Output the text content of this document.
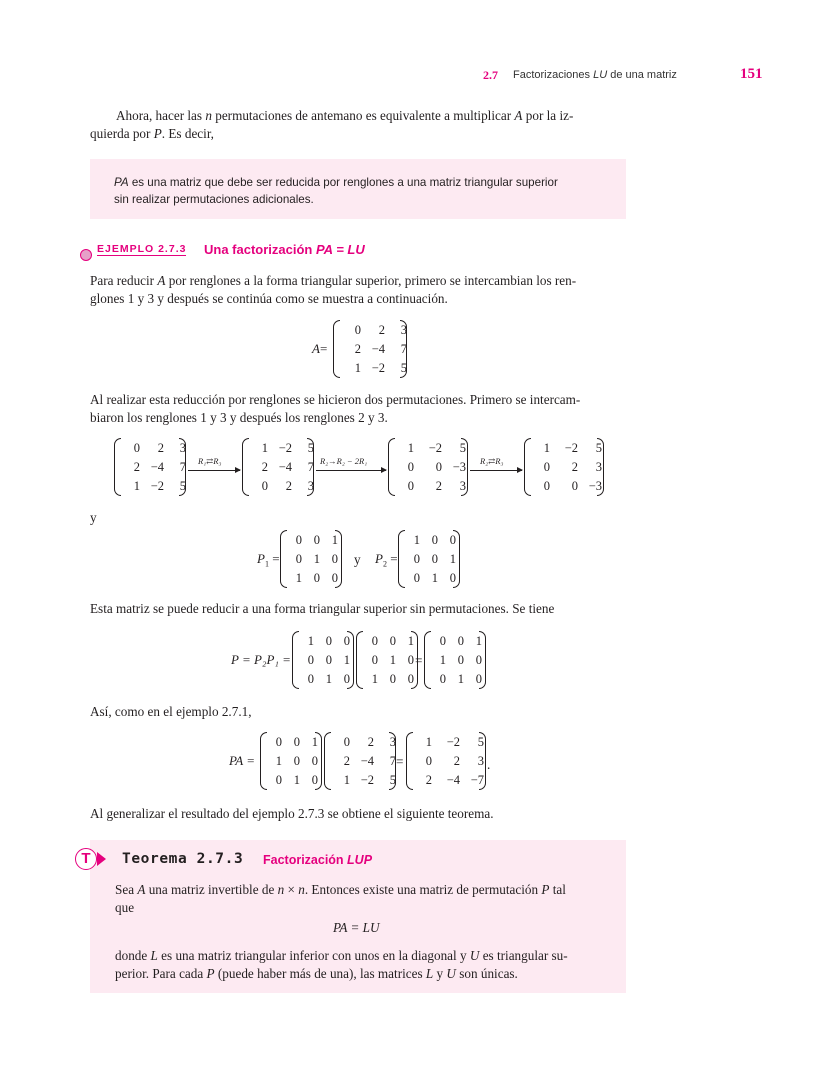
2.7 Factorizaciones LU de una matriz	151
Ahora, hacer las n permutaciones de antemano es equivalente a multiplicar A por la iz-
quierda por P. Es decir,
PA es una matriz que debe ser reducida por renglones a una matriz triangular superior
sin realizar permutaciones adicionales.
EJEMPLO 2.7.3 Una factorización PA = LU
Para reducir A por renglones a la forma triangular superior, primero se intercambian los ren-
glones 1 y 3 y después se continúa como se muestra a continuación.
A=
0	2	3
2 −4	7
1 −2	5
Al realizar esta reducción por renglones se hicieron dos permutaciones. Primero se intercam-
biaron los renglones 1 y 3 y después los renglones 2 y 3.
0	2	3
2 −4	7
1 −2	5
R₁⇄R₃
1 −2	5
2 −4	7
0	2	3
R₂→R₂ − 2R₁
1	−2	5
0	0 −3
0	2	3
R₂⇄R₃
1	−2	5
0	2	3
0	0 −3
y
$P_1$ =
0 0 1
0 1 0
1 0 0
y $P_2$ =
1 0 0
0 0 1
0 1 0
Esta matriz se puede reducir a una forma triangular superior sin permutaciones. Se tiene
P = P₂P₁ =
1 0 0
0 0 1
0 1 0
0 0 1
0 1 0
1 0 0
=
0 0 1
1 0 0
0 1 0
Así, como en el ejemplo 2.7.1,
PA =
0 0 1
1 0 0
0 1 0
0	2	3
2 −4	7
1 −2	5
=
1	−2	5
0	2	3
2	−4 −7
.
Al generalizar el resultado del ejemplo 2.7.3 se obtiene el siguiente teorema.
T	Teorema 2.7.3 Factorización LUP
Sea A una matriz invertible de n × n. Entonces existe una matriz de permutación P tal
que
PA = LU
donde L es una matriz triangular inferior con unos en la diagonal y U es triangular su-
perior. Para cada P (puede haber más de una), las matrices L y U son únicas.
